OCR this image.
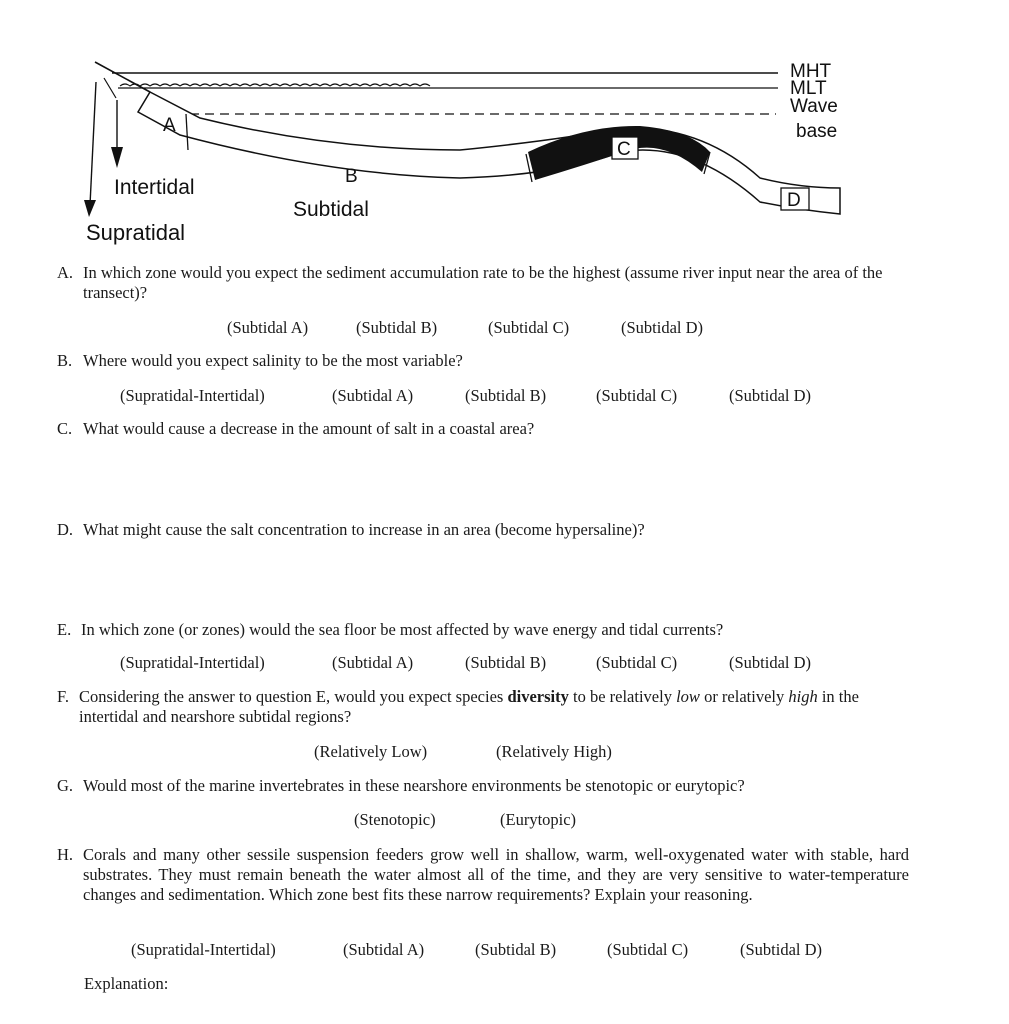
MHT
MLT
Wave
base
A
B
C
D
Intertidal
Subtidal
Supratidal
A. In which zone would you expect the sediment accumulation rate to be the highest (assume river input near the area of the transect)?
(Subtidal A)	(Subtidal B)	(Subtidal C)	(Subtidal D)
B. Where would you expect salinity to be the most variable?
(Supratidal-Intertidal)	(Subtidal A)	(Subtidal B)	(Subtidal C)	(Subtidal D)
C. What would cause a decrease in the amount of salt in a coastal area?
D. What might cause the salt concentration to increase in an area (become hypersaline)?
E. In which zone (or zones) would the sea floor be most affected by wave energy and tidal currents?
(Supratidal-Intertidal)	(Subtidal A)	(Subtidal B)	(Subtidal C)	(Subtidal D)
F. Considering the answer to question E, would you expect species diversity to be relatively low or relatively high in the intertidal and nearshore subtidal regions?
(Relatively Low)	(Relatively High)
G. Would most of the marine invertebrates in these nearshore environments be stenotopic or eurytopic?
(Stenotopic)	(Eurytopic)
H. Corals and many other sessile suspension feeders grow well in shallow, warm, well-oxygenated water with stable, hard substrates. They must remain beneath the water almost all of the time, and they are very sensitive to water-temperature changes and sedimentation. Which zone best fits these narrow requirements? Explain your reasoning.
(Supratidal-Intertidal)	(Subtidal A)	(Subtidal B)	(Subtidal C)	(Subtidal D)
Explanation:
